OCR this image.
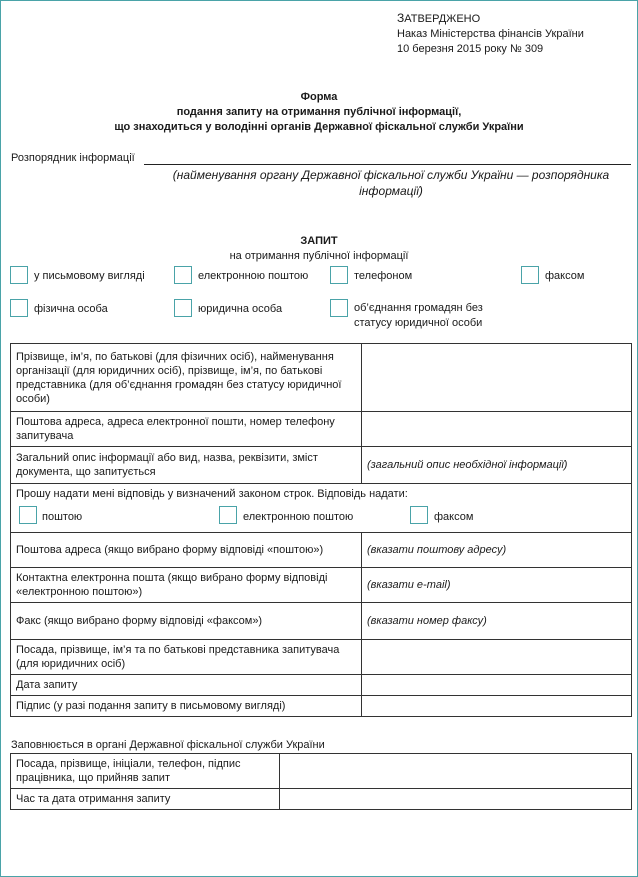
ЗАТВЕРДЖЕНО
Наказ Міністерства фінансів України
10 березня 2015 року № 309
Форма
подання запиту на отримання публічної інформації,
що знаходиться у володінні органів Державної фіскальної служби України
Розпорядник інформації
(найменування органу Державної фіскальної служби України — розпорядника інформації)
ЗАПИТ
на отримання публічної інформації
у письмовому вигляді	електронною поштою	телефоном	факсом
фізична особа	юридична особа	об’єднання громадян без статусу юридичної особи
Прізвище, ім’я, по батькові (для фізичних осіб), найменування організації (для юридичних осіб), прізвище, ім’я, по батькові представника (для об’єднання громадян без статусу юридичної особи)	
Поштова адреса, адреса електронної пошти, номер телефону запитувача	
Загальний опис інформації або вид, назва, реквізити, зміст документа, що запитується	(загальний опис необхідної інформації)

Прошу надати мені відповідь у визначений законом строк. Відповідь надати:
поштою електронною поштою факсом	

Поштова адреса (якщо вибрано форму відповіді «поштою»)	(вказати поштову адресу)
Контактна електронна пошта (якщо вибрано форму відповіді «електронною поштою»)	(вказати e-mail)
Факс (якщо вибрано форму відповіді «факсом»)	(вказати номер факсу)
Посада, прізвище, ім’я та по батькові представника запитувача (для юридичних осіб)	
Дата запиту	
Підпис (у разі подання запиту в письмовому вигляді)	
Заповнюється в органі Державної фіскальної служби України
Посада, прізвище, ініціали, телефон, підпис працівника, що прийняв запит	
Час та дата отримання запиту	
